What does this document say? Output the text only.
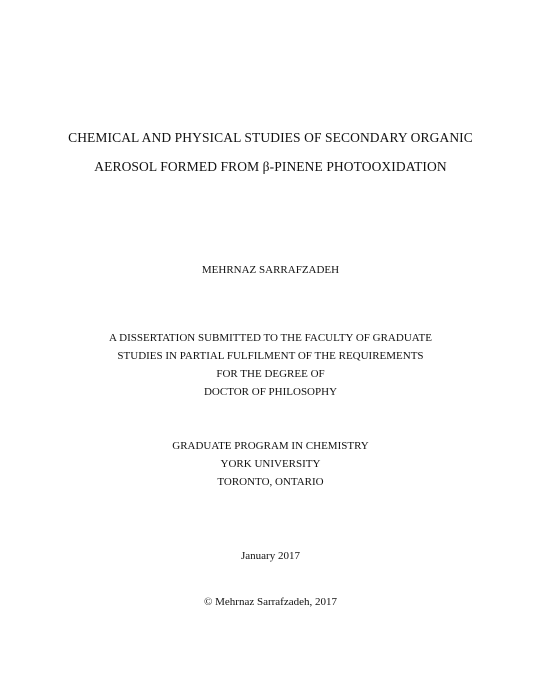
CHEMICAL AND PHYSICAL STUDIES OF SECONDARY ORGANIC
AEROSOL FORMED FROM β-PINENE PHOTOOXIDATION
MEHRNAZ SARRAFZADEH
A DISSERTATION SUBMITTED TO THE FACULTY OF GRADUATE
STUDIES IN PARTIAL FULFILMENT OF THE REQUIREMENTS
FOR THE DEGREE OF
DOCTOR OF PHILOSOPHY
GRADUATE PROGRAM IN CHEMISTRY
YORK UNIVERSITY
TORONTO, ONTARIO
January 2017
© Mehrnaz Sarrafzadeh, 2017
